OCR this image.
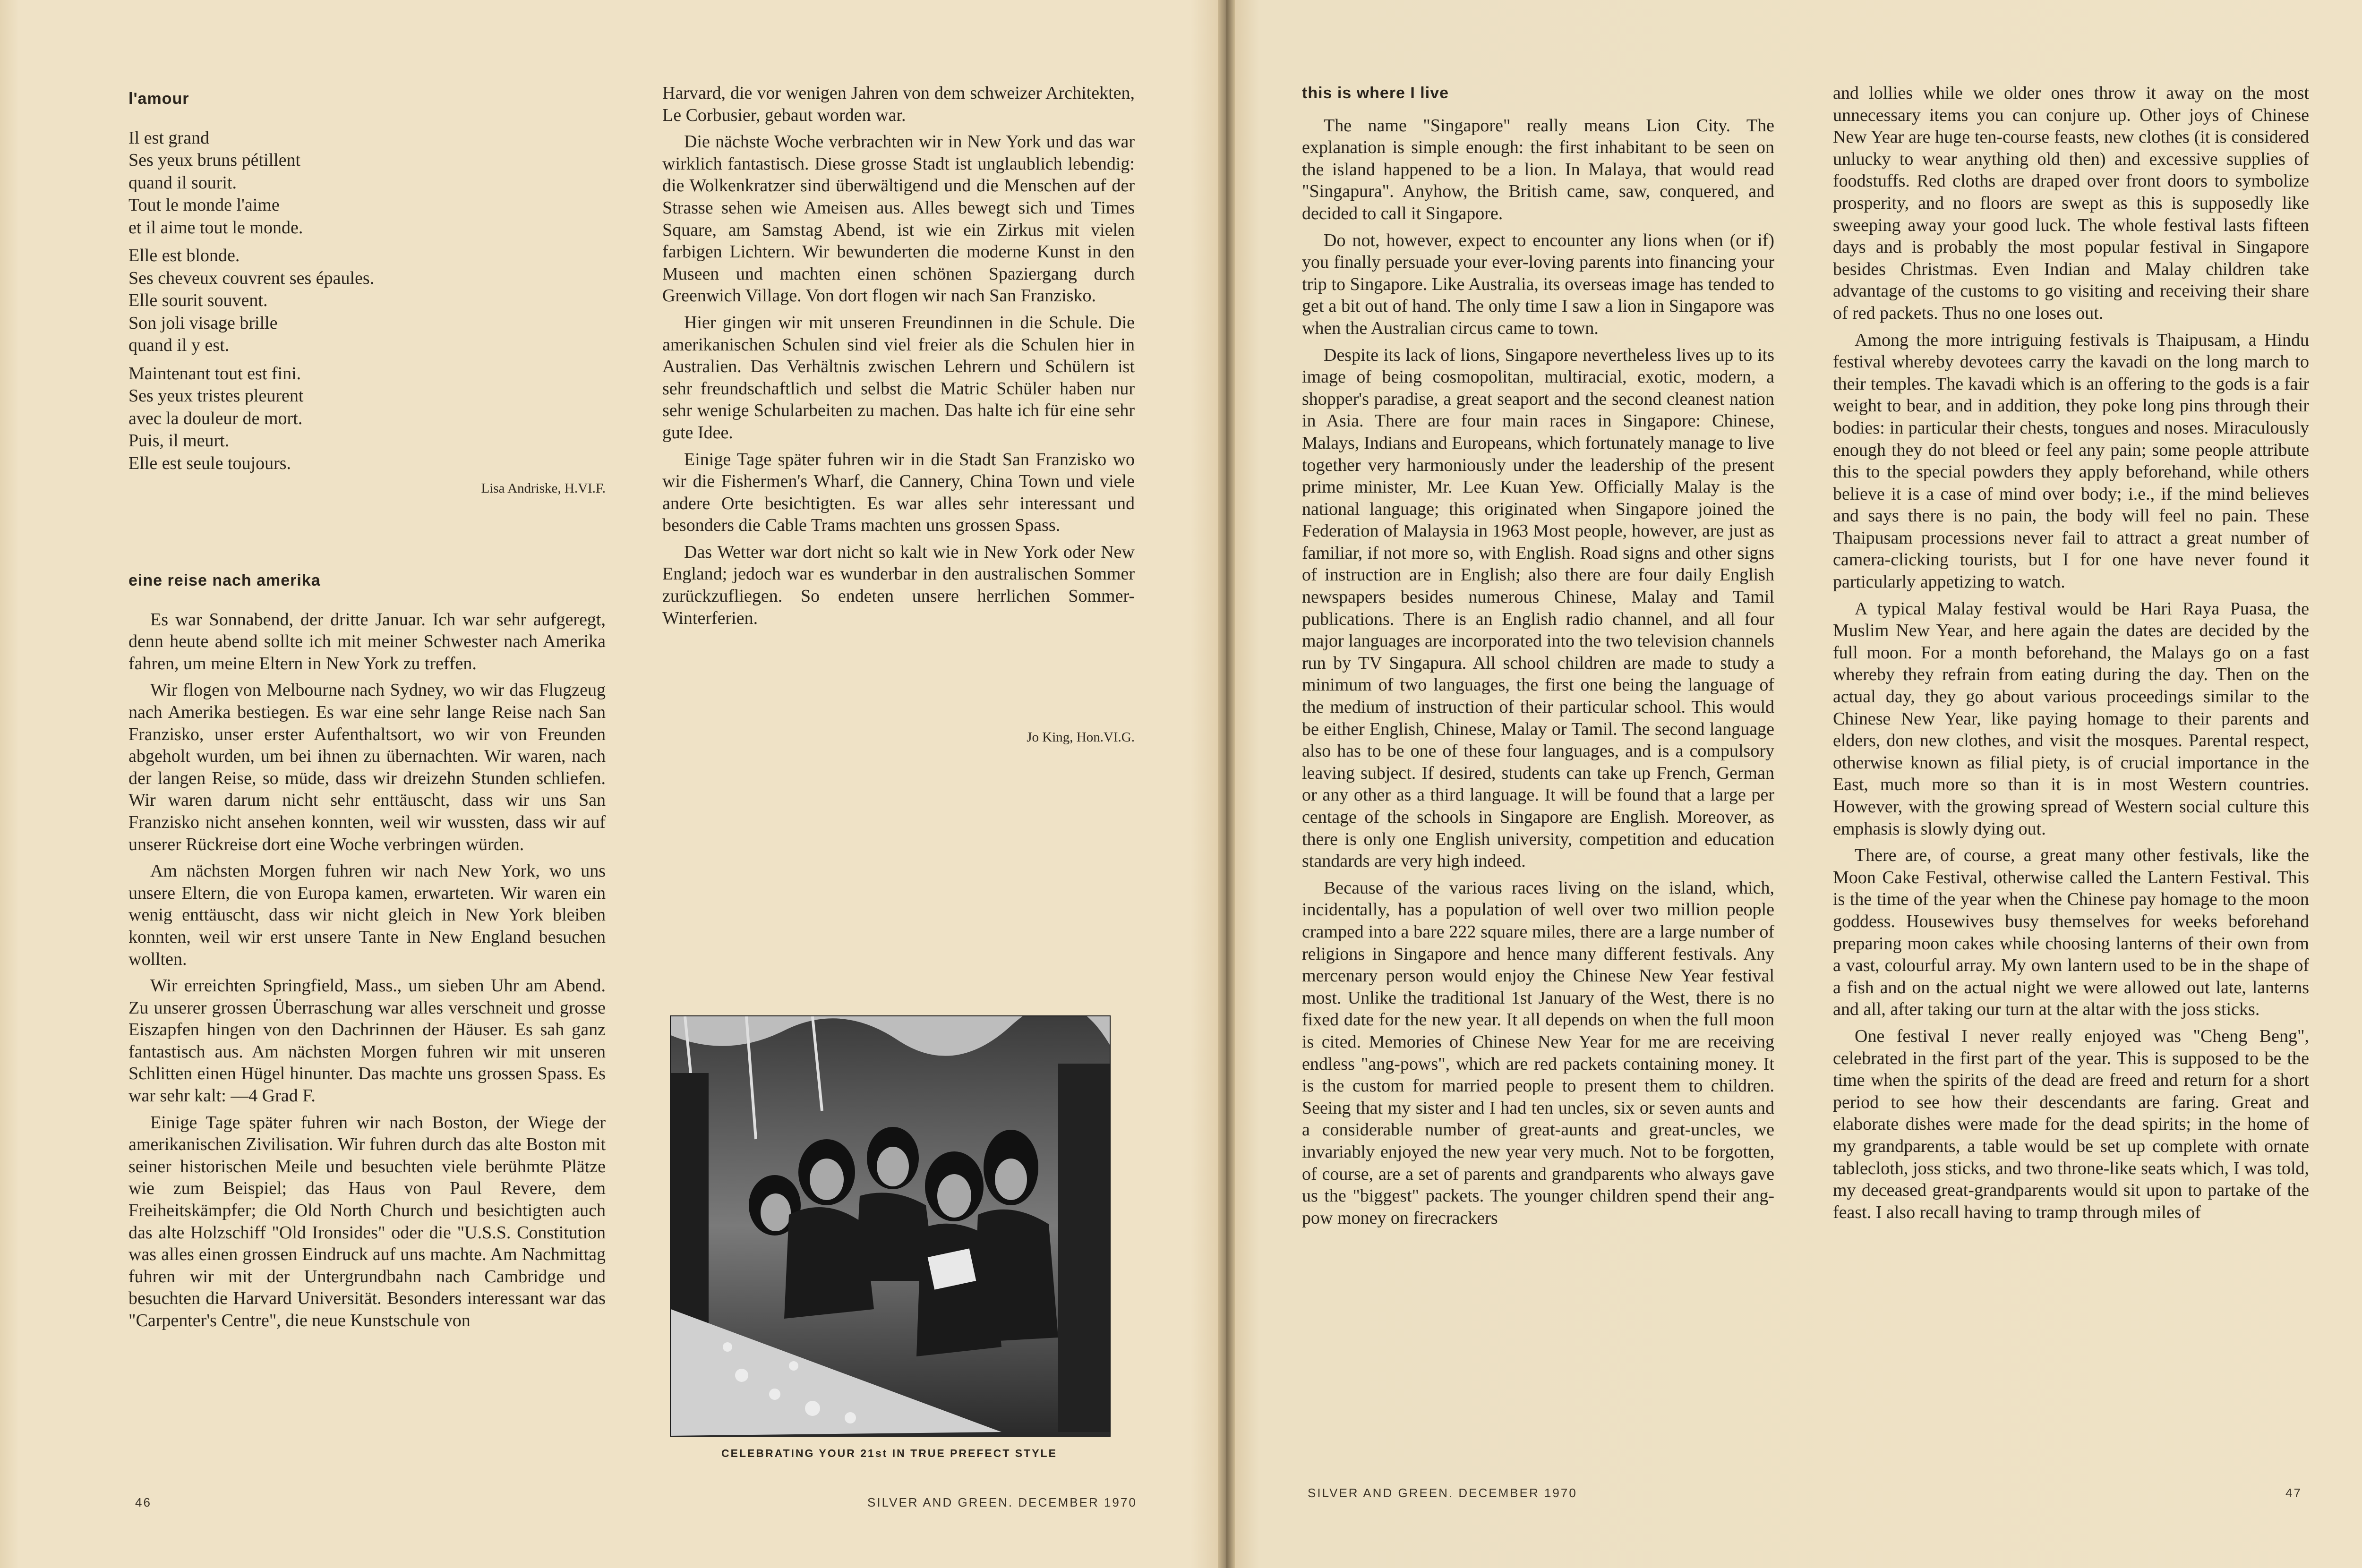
l'amour
Il est grand
Ses yeux bruns pétillent
quand il sourit.
Tout le monde l'aime
et il aime tout le monde.
Elle est blonde.
Ses cheveux couvrent ses épaules.
Elle sourit souvent.
Son joli visage brille
quand il y est.
Maintenant tout est fini.
Ses yeux tristes pleurent
avec la douleur de mort.
Puis, il meurt.
Elle est seule toujours.
Lisa Andriske, H.VI.F.
eine reise nach amerika

Es war Sonnabend, der dritte Januar. Ich war sehr aufgeregt, denn heute abend sollte ich mit meiner Schwester nach Amerika fahren, um meine Eltern in New York zu treffen.

Wir flogen von Melbourne nach Sydney, wo wir das Flugzeug nach Amerika bestiegen. Es war eine sehr lange Reise nach San Franzisko, unser erster Aufenthaltsort, wo wir von Freunden abgeholt wurden, um bei ihnen zu übernachten. Wir waren, nach der langen Reise, so müde, dass wir dreizehn Stunden schliefen. Wir waren darum nicht sehr enttäuscht, dass wir uns San Franzisko nicht ansehen konnten, weil wir wussten, dass wir auf unserer Rückreise dort eine Woche verbringen würden.

Am nächsten Morgen fuhren wir nach New York, wo uns unsere Eltern, die von Europa kamen, erwarteten. Wir waren ein wenig enttäuscht, dass wir nicht gleich in New York bleiben konnten, weil wir erst unsere Tante in New England besuchen wollten.

Wir erreichten Springfield, Mass., um sieben Uhr am Abend. Zu unserer grossen Überraschung war alles verschneit und grosse Eiszapfen hingen von den Dachrinnen der Häuser. Es sah ganz fantastisch aus. Am nächsten Morgen fuhren wir mit unseren Schlitten einen Hügel hinunter. Das machte uns grossen Spass. Es war sehr kalt: —4 Grad F.

Einige Tage später fuhren wir nach Boston, der Wiege der amerikanischen Zivilisation. Wir fuhren durch das alte Boston mit seiner historischen Meile und besuchten viele berühmte Plätze wie zum Beispiel; das Haus von Paul Revere, dem Freiheitskämpfer; die Old North Church und besichtigten auch das alte Holzschiff "Old Ironsides" oder die "U.S.S. Constitution was alles einen grossen Eindruck auf uns machte. Am Nachmittag fuhren wir mit der Untergrundbahn nach Cambridge und besuchten die Harvard Universität. Besonders interessant war das "Carpenter's Centre", die neue Kunstschule von

Harvard, die vor wenigen Jahren von dem schweizer Architekten, Le Corbusier, gebaut worden war.

Die nächste Woche verbrachten wir in New York und das war wirklich fantastisch. Diese grosse Stadt ist unglaublich lebendig: die Wolkenkratzer sind überwältigend und die Menschen auf der Strasse sehen wie Ameisen aus. Alles bewegt sich und Times Square, am Samstag Abend, ist wie ein Zirkus mit vielen farbigen Lichtern. Wir bewunderten die moderne Kunst in den Museen und machten einen schönen Spaziergang durch Greenwich Village. Von dort flogen wir nach San Franzisko.

Hier gingen wir mit unseren Freundinnen in die Schule. Die amerikanischen Schulen sind viel freier als die Schulen hier in Australien. Das Verhältnis zwischen Lehrern und Schülern ist sehr freundschaftlich und selbst die Matric Schüler haben nur sehr wenige Schularbeiten zu machen. Das halte ich für eine sehr gute Idee.

Einige Tage später fuhren wir in die Stadt San Franzisko wo wir die Fishermen's Wharf, die Cannery, China Town und viele andere Orte besichtigten. Es war alles sehr interessant und besonders die Cable Trams machten uns grossen Spass.

Das Wetter war dort nicht so kalt wie in New York oder New England; jedoch war es wunderbar in den australischen Sommer zurückzufliegen. So endeten unsere herrlichen Sommer-Winterferien.

Jo King, Hon.VI.G.
CELEBRATING YOUR 21st IN TRUE PREFECT STYLE
46	SILVER AND GREEN. DECEMBER 1970
this is where I live

The name "Singapore" really means Lion City. The explanation is simple enough: the first inhabitant to be seen on the island happened to be a lion. In Malaya, that would read "Singapura". Anyhow, the British came, saw, conquered, and decided to call it Singapore.

Do not, however, expect to encounter any lions when (or if) you finally persuade your ever-loving parents into financing your trip to Singapore. Like Australia, its overseas image has tended to get a bit out of hand. The only time I saw a lion in Singapore was when the Australian circus came to town.

Despite its lack of lions, Singapore nevertheless lives up to its image of being cosmopolitan, multiracial, exotic, modern, a shopper's paradise, a great seaport and the second cleanest nation in Asia. There are four main races in Singapore: Chinese, Malays, Indians and Europeans, which fortunately manage to live together very harmoniously under the leadership of the present prime minister, Mr. Lee Kuan Yew. Officially Malay is the national language; this originated when Singapore joined the Federation of Malaysia in 1963 Most people, however, are just as familiar, if not more so, with English. Road signs and other signs of instruction are in English; also there are four daily English newspapers besides numerous Chinese, Malay and Tamil publications. There is an English radio channel, and all four major languages are incorporated into the two television channels run by TV Singapura. All school children are made to study a minimum of two languages, the first one being the language of the medium of instruction of their particular school. This would be either English, Chinese, Malay or Tamil. The second language also has to be one of these four languages, and is a compulsory leaving subject. If desired, students can take up French, German or any other as a third language. It will be found that a large per centage of the schools in Singapore are English. Moreover, as there is only one English university, competition and education standards are very high indeed.

Because of the various races living on the island, which, incidentally, has a population of well over two million people cramped into a bare 222 square miles, there are a large number of religions in Singapore and hence many different festivals. Any mercenary person would enjoy the Chinese New Year festival most. Unlike the traditional 1st January of the West, there is no fixed date for the new year. It all depends on when the full moon is cited. Memories of Chinese New Year for me are receiving endless "ang-pows", which are red packets containing money. It is the custom for married people to present them to children. Seeing that my sister and I had ten uncles, six or seven aunts and a considerable number of great-aunts and great-uncles, we invariably enjoyed the new year very much. Not to be forgotten, of course, are a set of parents and grandparents who always gave us the "biggest" packets. The younger children spend their ang-pow money on firecrackers

and lollies while we older ones throw it away on the most unnecessary items you can conjure up. Other joys of Chinese New Year are huge ten-course feasts, new clothes (it is considered unlucky to wear anything old then) and excessive supplies of foodstuffs. Red cloths are draped over front doors to symbolize prosperity, and no floors are swept as this is supposedly like sweeping away your good luck. The whole festival lasts fifteen days and is probably the most popular festival in Singapore besides Christmas. Even Indian and Malay children take advantage of the customs to go visiting and receiving their share of red packets. Thus no one loses out.

Among the more intriguing festivals is Thaipusam, a Hindu festival whereby devotees carry the kavadi on the long march to their temples. The kavadi which is an offering to the gods is a fair weight to bear, and in addition, they poke long pins through their bodies: in particular their chests, tongues and noses. Miraculously enough they do not bleed or feel any pain; some people attribute this to the special powders they apply beforehand, while others believe it is a case of mind over body; i.e., if the mind believes and says there is no pain, the body will feel no pain. These Thaipusam processions never fail to attract a great number of camera-clicking tourists, but I for one have never found it particularly appetizing to watch.

A typical Malay festival would be Hari Raya Puasa, the Muslim New Year, and here again the dates are decided by the full moon. For a month beforehand, the Malays go on a fast whereby they refrain from eating during the day. Then on the actual day, they go about various proceedings similar to the Chinese New Year, like paying homage to their parents and elders, don new clothes, and visit the mosques. Parental respect, otherwise known as filial piety, is of crucial importance in the East, much more so than it is in most Western countries. However, with the growing spread of Western social culture this emphasis is slowly dying out.

There are, of course, a great many other festivals, like the Moon Cake Festival, otherwise called the Lantern Festival. This is the time of the year when the Chinese pay homage to the moon goddess. Housewives busy themselves for weeks beforehand preparing moon cakes while choosing lanterns of their own from a vast, colourful array. My own lantern used to be in the shape of a fish and on the actual night we were allowed out late, lanterns and all, after taking our turn at the altar with the joss sticks.

One festival I never really enjoyed was "Cheng Beng", celebrated in the first part of the year. This is supposed to be the time when the spirits of the dead are freed and return for a short period to see how their descendants are faring. Great and elaborate dishes were made for the dead spirits; in the home of my grandparents, a table would be set up complete with ornate tablecloth, joss sticks, and two throne-like seats which, I was told, my deceased great-grandparents would sit upon to partake of the feast. I also recall having to tramp through miles of

SILVER AND GREEN. DECEMBER 1970	47
